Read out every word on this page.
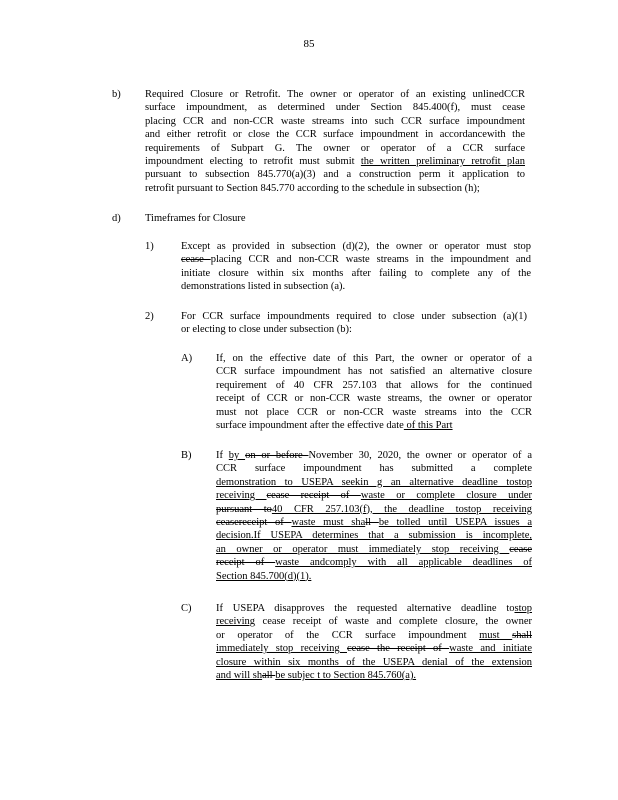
85
b) Required Closure or Retrofit. The owner or operator of an existing unlinedCCR
surface impoundment, as determined under Section 845.400(f), must cease
placing CCR and non-CCR waste streams into such CCR surface impoundment
and either retrofit or close the CCR surface impoundment in accordancewith the
requirements of Subpart G. The owner or operator of a CCR surface
impoundment electing to retrofit must submit the written preliminary retrofit plan
pursuant to subsection 845.770(a)(3) and a construction perm it application to
retrofit pursuant to Section 845.770 according to the schedule in subsection (h);
d) Timeframes for Closure
1)	Except as provided in subsection (d)(2), the owner or operator must stop
cease placing CCR and non-CCR waste streams in the impoundment and
initiate closure within six months after failing to complete any of the
demonstrations listed in subsection (a).
2)	For CCR surface impoundments required to close under subsection (a)(1)
or electing to close under subsection (b):
A) If, on the effective date of this Part, the owner or operator of a
CCR surface impoundment has not satisfied an alternative closure
requirement of 40 CFR 257.103 that allows for the continued
receipt of CCR or non-CCR waste streams, the owner or operator
must not place CCR or non-CCR waste streams into the CCR
surface impoundment after the effective date of this Part
B) If by on or before November 30, 2020, the owner or operator of a
CCR surface impoundment has submitted a complete
demonstration to USEPA seekin g an alternative deadline tostop
receiving cease receipt of waste or complete closure under
pursuant to40 CFR 257.103(f), the deadline tostop receiving
ceasereceipt of waste must shall be tolled until USEPA issues a
decision.If USEPA determines that a submission is incomplete,
an owner or operator must immediately stop receiving cease
receipt of waste andcomply with all applicable deadlines of
Section 845.700(d)(1).
C) If USEPA disapproves the requested alternative deadline tostop
receiving cease receipt of waste and complete closure, the owner
or operator of the CCR surface impoundment must shall
immediately stop receiving cease the receipt of waste and initiate
closure within six months of the USEPA denial of the extension
and will shall be subjec t to Section 845.760(a).
